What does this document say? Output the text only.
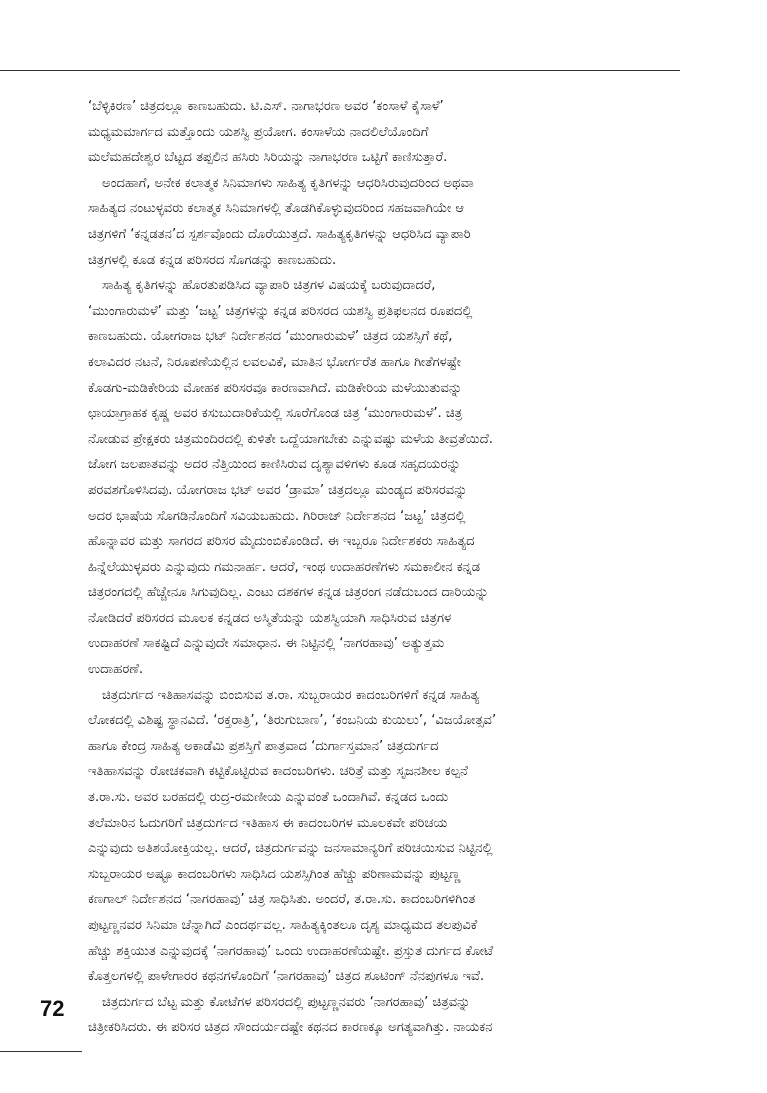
‘ಬೆಳ್ಳಿಕಿರಣ’ ಚಿತ್ರದಲ್ಲೂ ಕಾಣಬಹುದು. ಟಿ.ಎಸ್. ನಾಗಾಭರಣ ಅವರ ‘ಕಂಸಾಳೆ ಕೈಸಾಳೆ’
ಮಧ್ಯಮಮಾರ್ಗದ ಮತ್ತೊಂದು ಯಶಸ್ವಿ ಪ್ರಯೋಗ. ಕಂಸಾಳೆಯ ನಾದಲಿಲೆಯೊಂದಿಗೆ
ಮಲೆಮಹದೇಶ್ವರ ಬೆಟ್ಟದ ತಪ್ಪಲಿನ ಹಸಿರು ಸಿರಿಯನ್ನು ನಾಗಾಭರಣ ಒಟ್ಟಿಗೆ ಕಾಣಿಸುತ್ತಾರೆ.
ಅಂದಹಾಗೆ, ಅನೇಕ ಕಲಾತ್ಮಕ ಸಿನಿಮಾಗಳು ಸಾಹಿತ್ಯ ಕೃತಿಗಳನ್ನು ಆಧರಿಸಿರುವುದರಿಂದ ಅಥವಾ
ಸಾಹಿತ್ಯದ ನಂಟುಳ್ಳವರು ಕಲಾತ್ಮಕ ಸಿನಿಮಾಗಳಲ್ಲಿ ತೊಡಗಿಕೊಳ್ಳುವುದರಿಂದ ಸಹಜವಾಗಿಯೇ ಆ
ಚಿತ್ರಗಳಿಗೆ ‘ಕನ್ನಡತನ’ದ ಸ್ಪರ್ಶವೊಂದು ದೊರೆಯುತ್ತದೆ. ಸಾಹಿತ್ಯಕೃತಿಗಳನ್ನು ಆಧರಿಸಿದ ವ್ಯಾಪಾರಿ
ಚಿತ್ರಗಳಲ್ಲಿ ಕೂಡ ಕನ್ನಡ ಪರಿಸರದ ಸೊಗಡನ್ನು ಕಾಣಬಹುದು.
ಸಾಹಿತ್ಯ ಕೃತಿಗಳನ್ನು ಹೊರತುಪಡಿಸಿದ ವ್ಯಾಪಾರಿ ಚಿತ್ರಗಳ ವಿಷಯಕ್ಕೆ ಬರುವುದಾದರೆ,
‘ಮುಂಗಾರುಮಳೆ’ ಮತ್ತು ‘ಜಟ್ಟ’ ಚಿತ್ರಗಳನ್ನು ಕನ್ನಡ ಪರಿಸರದ ಯಶಸ್ವಿ ಪ್ರತಿಫಲನದ ರೂಪದಲ್ಲಿ
ಕಾಣಬಹುದು. ಯೋಗರಾಜ ಭಟ್ ನಿರ್ದೇಶನದ ‘ಮುಂಗಾರುಮಳೆ’ ಚಿತ್ರದ ಯಶಸ್ಸಿಗೆ ಕಥೆ,
ಕಲಾವಿದರ ನಟನೆ, ನಿರೂಪಣೆಯಲ್ಲಿನ ಲವಲವಿಕೆ, ಮಾತಿನ ಭೋರ್ಗರೆತ ಹಾಗೂ ಗೀತೆಗಳಷ್ಟೇ
ಕೊಡಗು-ಮಡಿಕೇರಿಯ ಮೋಹಕ ಪರಿಸರವೂ ಕಾರಣವಾಗಿದೆ. ಮಡಿಕೇರಿಯ ಮಳೆಯುತುವನ್ನು
ಛಾಯಾಗ್ರಾಹಕ ಕೃಷ್ಣ ಅವರ ಕಸುಬುದಾರಿಕೆಯಲ್ಲಿ ಸೂರೆಗೊಂಡ ಚಿತ್ರ ‘ಮುಂಗಾರುಮಳೆ’. ಚಿತ್ರ
ನೋಡುವ ಪ್ರೇಕ್ಷಕರು ಚಿತ್ರಮಂದಿರದಲ್ಲಿ ಕುಳಿತೇ ಒದ್ದೆಯಾಗಬೇಕು ಎನ್ನುವಷ್ಟು ಮಳೆಯ ತೀವ್ರತೆಯಿದೆ.
ಜೋಗ ಜಲಪಾತವನ್ನು ಅದರ ನೆತ್ತಿಯಿಂದ ಕಾಣಿಸಿರುವ ದೃಶ್ಯಾವಳಿಗಳು ಕೂಡ ಸಹೃದಯರನ್ನು
ಪರವಶಗೊಳಿಸಿದವು. ಯೋಗರಾಜ ಭಟ್ ಅವರ ‘ಡ್ರಾಮಾ’ ಚಿತ್ರದಲ್ಲೂ ಮಂಡ್ಯದ ಪರಿಸರವನ್ನು
ಅದರ ಭಾಷೆಯ ಸೊಗಡಿನೊಂದಿಗೆ ಸವಿಯಬಹುದು. ಗಿರಿರಾಜ್ ನಿರ್ದೇಶನದ ‘ಜಟ್ಟ’ ಚಿತ್ರದಲ್ಲಿ
ಹೊನ್ನಾವರ ಮತ್ತು ಸಾಗರದ ಪರಿಸರ ಮೈದುಂಬಿಕೊಂಡಿದೆ. ಈ ಇಬ್ಬರೂ ನಿರ್ದೇಶಕರು ಸಾಹಿತ್ಯದ
ಹಿನ್ನೆಲೆಯುಳ್ಳವರು ಎನ್ನುವುದು ಗಮನಾರ್ಹ. ಆದರೆ, ಇಂಥ ಉದಾಹರಣೆಗಳು ಸಮಕಾಲೀನ ಕನ್ನಡ
ಚಿತ್ರರಂಗದಲ್ಲಿ ಹೆಚ್ಚೇನೂ ಸಿಗುವುದಿಲ್ಲ. ಎಂಟು ದಶಕಗಳ ಕನ್ನಡ ಚಿತ್ರರಂಗ ನಡೆದುಬಂದ ದಾರಿಯನ್ನು
ನೋಡಿದರೆ ಪರಿಸರದ ಮೂಲಕ ಕನ್ನಡದ ಅಸ್ಮಿತೆಯನ್ನು ಯಶಸ್ವಿಯಾಗಿ ಸಾಧಿಸಿರುವ ಚಿತ್ರಗಳ
ಉದಾಹರಣೆ ಸಾಕಷ್ಟಿದೆ ಎನ್ನುವುದೇ ಸಮಾಧಾನ. ಈ ನಿಟ್ಟಿನಲ್ಲಿ ‘ನಾಗರಹಾವು’ ಅತ್ಯುತ್ತಮ
ಉದಾಹರಣೆ.
ಚಿತ್ರದುರ್ಗದ ಇತಿಹಾಸವನ್ನು ಬಿಂಬಿಸುವ ತ.ರಾ. ಸುಬ್ಬರಾಯರ ಕಾದಂಬರಿಗಳಿಗೆ ಕನ್ನಡ ಸಾಹಿತ್ಯ
ಲೋಕದಲ್ಲಿ ವಿಶಿಷ್ಟ ಸ್ಥಾನವಿದೆ. ‘ರಕ್ತರಾತ್ರಿ’, ‘ತಿರುಗುಬಾಣ’, ‘ಕಂಬನಿಯ ಕುಯಿಲು’, ‘ವಿಜಯೋತ್ಸವ’
ಹಾಗೂ ಕೇಂದ್ರ ಸಾಹಿತ್ಯ ಅಕಾಡೆಮಿ ಪ್ರಶಸ್ತಿಗೆ ಪಾತ್ರವಾದ ‘ದುರ್ಗಾಸ್ತಮಾನ’ ಚಿತ್ರದುರ್ಗದ
ಇತಿಹಾಸವನ್ನು ರೋಚಕವಾಗಿ ಕಟ್ಟಿಕೊಟ್ಟಿರುವ ಕಾದಂಬರಿಗಳು. ಚರಿತ್ರೆ ಮತ್ತು ಸೃಜನಶೀಲ ಕಲ್ಪನೆ
ತ.ರಾ.ಸು. ಅವರ ಬರಹದಲ್ಲಿ ರುದ್ರ-ರಮಣೀಯ ಎನ್ನುವಂತೆ ಒಂದಾಗಿವೆ. ಕನ್ನಡದ ಒಂದು
ತಲೆಮಾರಿನ ಓದುಗರಿಗೆ ಚಿತ್ರದುರ್ಗದ ಇತಿಹಾಸ ಈ ಕಾದಂಬರಿಗಳ ಮೂಲಕವೇ ಪರಿಚಯ
ಎನ್ನುವುದು ಅತಿಶಯೋಕ್ತಿಯಲ್ಲ. ಆದರೆ, ಚಿತ್ರದುರ್ಗವನ್ನು ಜನಸಾಮಾನ್ಯರಿಗೆ ಪರಿಚಯಿಸುವ ನಿಟ್ಟಿನಲ್ಲಿ
ಸುಬ್ಬರಾಯರ ಅಷ್ಟೂ ಕಾದಂಬರಿಗಳು ಸಾಧಿಸಿದ ಯಶಸ್ಸಿಗಿಂತ ಹೆಚ್ಚು ಪರಿಣಾಮವನ್ನು ಪುಟ್ಟಣ್ಣ
ಕಣಗಾಲ್ ನಿರ್ದೇಶನದ ‘ನಾಗರಹಾವು’ ಚಿತ್ರ ಸಾಧಿಸಿತು. ಅಂದರೆ, ತ.ರಾ.ಸು. ಕಾದಂಬರಿಗಳಿಗಿಂತ
ಪುಟ್ಟಣ್ಣನವರ ಸಿನಿಮಾ ಚೆನ್ನಾಗಿದೆ ಎಂದರ್ಥವಲ್ಲ. ಸಾಹಿತ್ಯಕ್ಕಿಂತಲೂ ದೃಶ್ಯ ಮಾಧ್ಯಮದ ತಲಪುವಿಕೆ
ಹೆಚ್ಚು ಶಕ್ತಿಯುತ ಎನ್ನುವುದಕ್ಕೆ ‘ನಾಗರಹಾವು’ ಒಂದು ಉದಾಹರಣೆಯಷ್ಟೇ. ಪ್ರಸ್ತುತ ದುರ್ಗದ ಕೋಟೆ
ಕೊತ್ತಲಗಳಲ್ಲಿ ಪಾಳೇಗಾರರ ಕಥನಗಳೊಂದಿಗೆ ‘ನಾಗರಹಾವು’ ಚಿತ್ರದ ಶೂಟಿಂಗ್ ನೆನಪುಗಳೂ ಇವೆ.
ಚಿತ್ರದುರ್ಗದ ಬೆಟ್ಟ ಮತ್ತು ಕೋಟೆಗಳ ಪರಿಸರದಲ್ಲಿ ಪುಟ್ಟಣ್ಣನವರು ‘ನಾಗರಹಾವು’ ಚಿತ್ರವನ್ನು
ಚಿತ್ರೀಕರಿಸಿದರು. ಈ ಪರಿಸರ ಚಿತ್ರದ ಸೌಂದರ್ಯದಷ್ಟೇ ಕಥನದ ಕಾರಣಕ್ಕೂ ಅಗತ್ಯವಾಗಿತ್ತು. ನಾಯಕನ
72
